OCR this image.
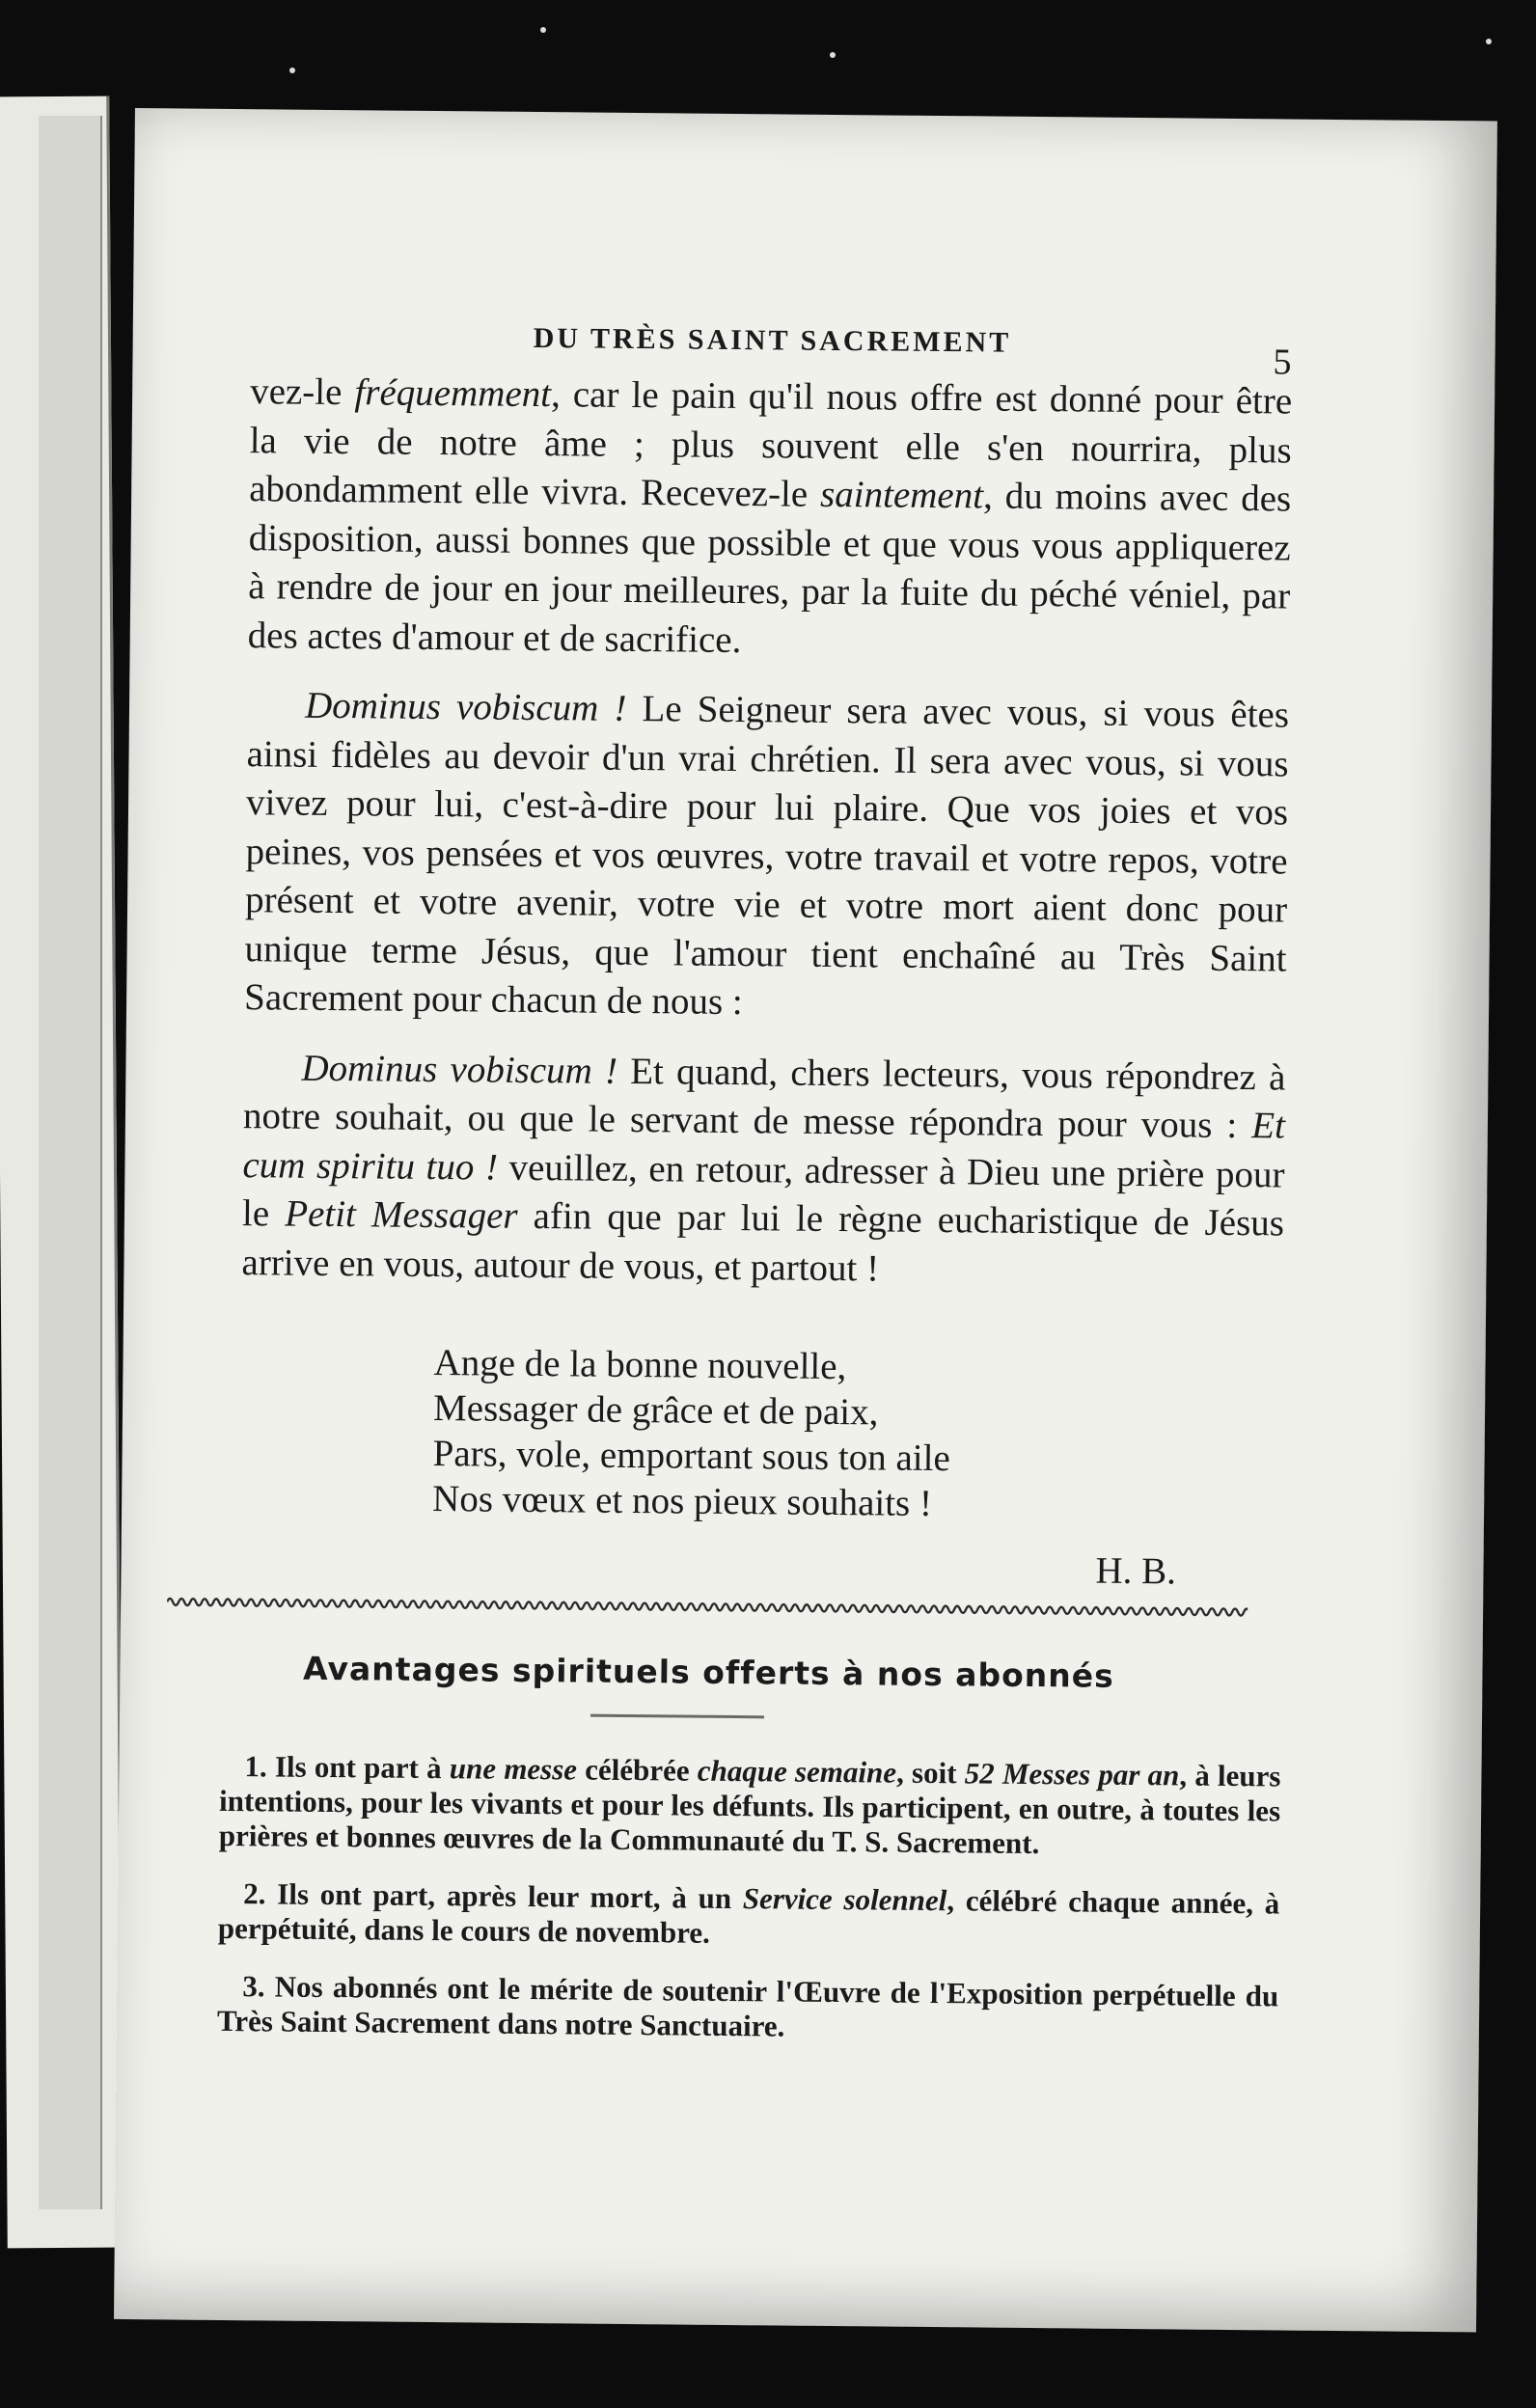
DU TRÈS SAINT SACREMENT
5

vez-le fréquemment, car le pain qu'il nous offre est donné pour être la vie de notre âme ; plus souvent elle s'en nourrira, plus abondamment elle vivra. Recevez-le saintement, du moins avec des disposition, aussi bonnes que possible et que vous vous appliquerez à rendre de jour en jour meilleures, par la fuite du péché véniel, par des actes d'amour et de sacrifice.

Dominus vobiscum ! Le Seigneur sera avec vous, si vous êtes ainsi fidèles au devoir d'un vrai chrétien. Il sera avec vous, si vous vivez pour lui, c'est-à-dire pour lui plaire. Que vos joies et vos peines, vos pensées et vos œuvres, votre travail et votre repos, votre présent et votre avenir, votre vie et votre mort aient donc pour unique terme Jésus, que l'amour tient enchaîné au Très Saint Sacrement pour chacun de nous :

Dominus vobiscum ! Et quand, chers lecteurs, vous répondrez à notre souhait, ou que le servant de messe répondra pour vous : Et cum spiritu tuo ! veuillez, en retour, adresser à Dieu une prière pour le Petit Messager afin que par lui le règne eucharistique de Jésus arrive en vous, autour de vous, et partout !

Ange de la bonne nouvelle,
Messager de grâce et de paix,
Pars, vole, emportant sous ton aile
Nos vœux et nos pieux souhaits !
H. B.
Avantages spirituels offerts à nos abonnés

1. Ils ont part à une messe célébrée chaque semaine, soit 52 Messes par an, à leurs intentions, pour les vivants et pour les défunts. Ils participent, en outre, à toutes les prières et bonnes œuvres de la Communauté du T. S. Sacrement.

2. Ils ont part, après leur mort, à un Service solennel, célébré chaque année, à perpétuité, dans le cours de novembre.

3. Nos abonnés ont le mérite de soutenir l'Œuvre de l'Exposition perpétuelle du Très Saint Sacrement dans notre Sanctuaire.
